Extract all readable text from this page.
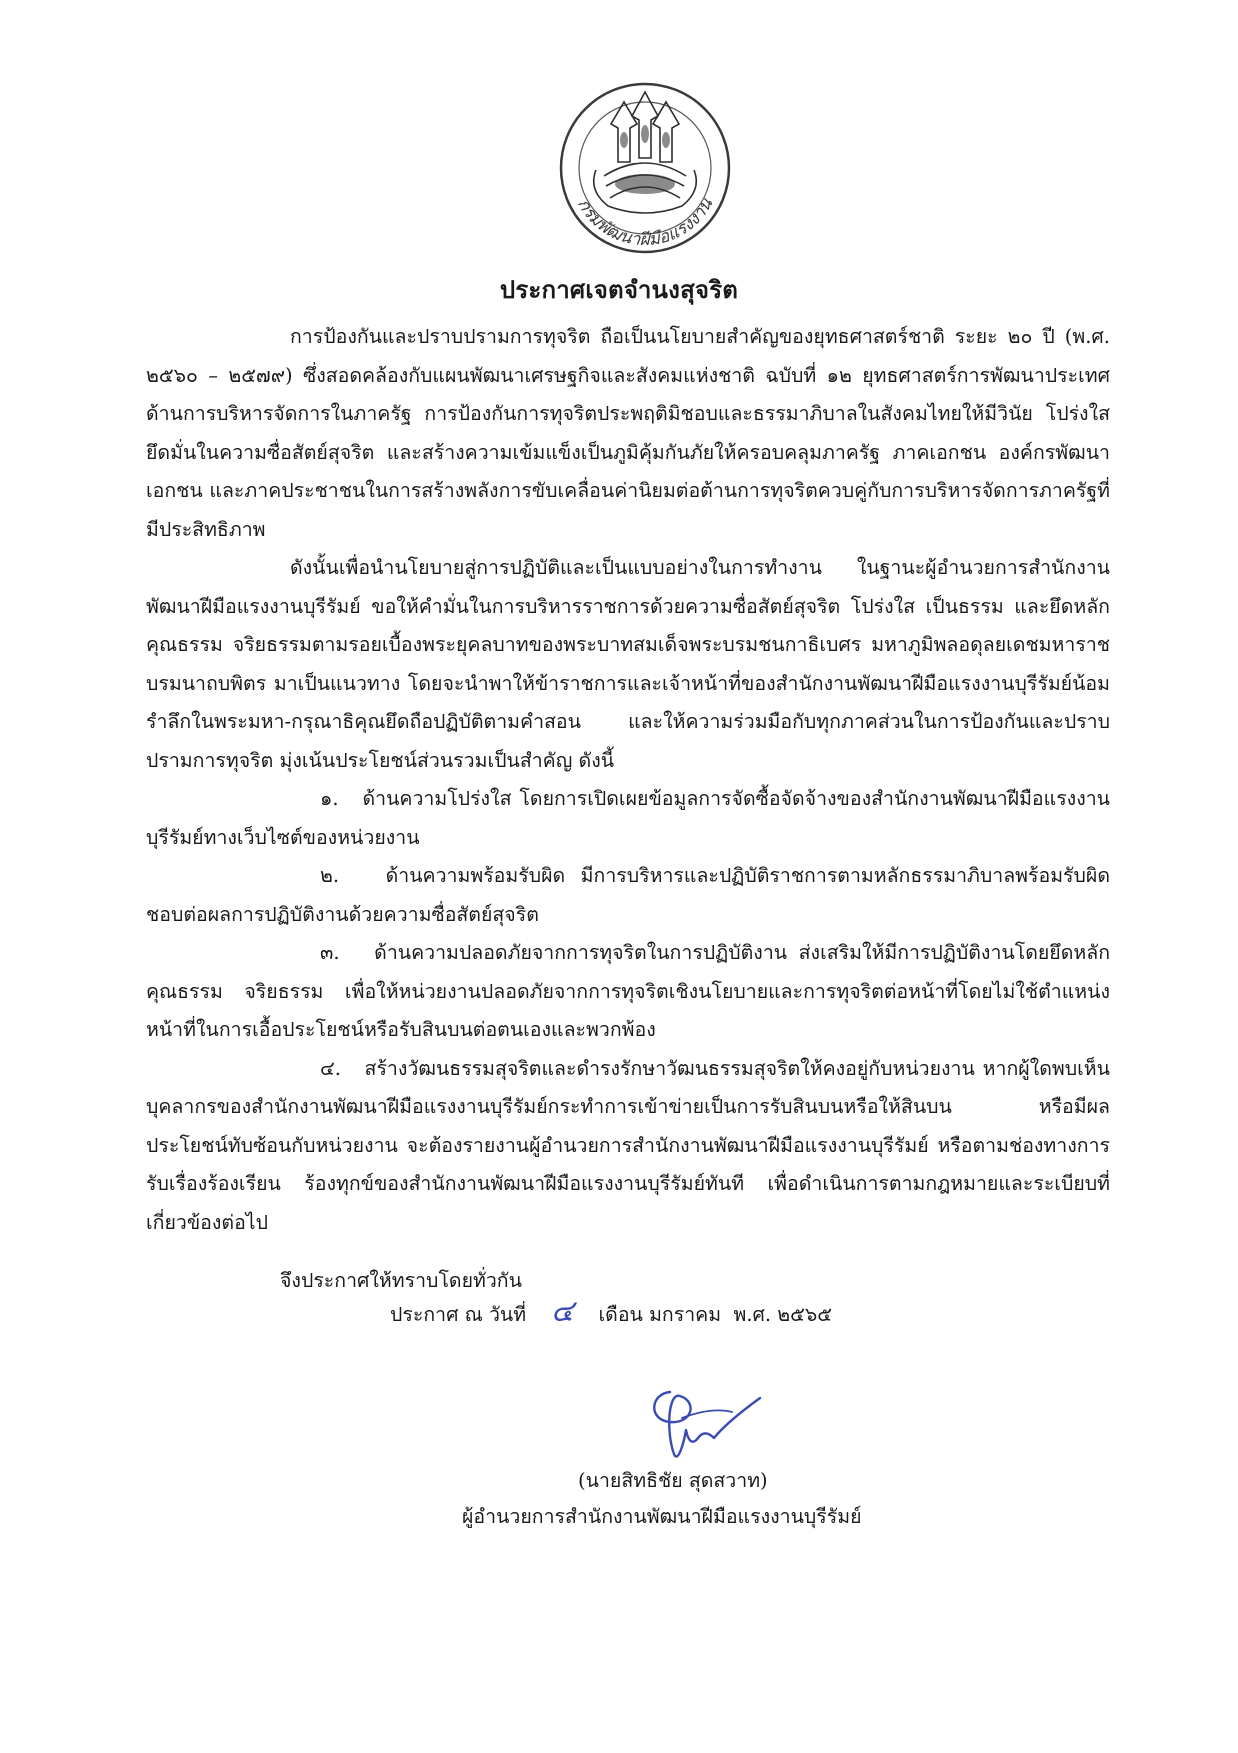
กรมพัฒนาฝีมือแรงงาน
ประกาศเจตจำนงสุจริต

การป้องกันและปราบปรามการทุจริต ถือเป็นนโยบายสำคัญของยุทธศาสตร์ชาติ ระยะ ๒๐ ปี (พ.ศ. ๒๕๖๐ – ๒๕๗๙) ซึ่งสอดคล้องกับแผนพัฒนาเศรษฐกิจและสังคมแห่งชาติ ฉบับที่ ๑๒ ยุทธศาสตร์การพัฒนาประเทศ ด้านการบริหารจัดการในภาครัฐ การป้องกันการทุจริตประพฤติมิชอบและธรรมาภิบาลในสังคมไทยให้มีวินัย โปร่งใส ยึดมั่นในความซื่อสัตย์สุจริต และสร้างความเข้มแข็งเป็นภูมิคุ้มกันภัยให้ครอบคลุมภาครัฐ ภาคเอกชน องค์กรพัฒนาเอกชน และภาคประชาชนในการสร้างพลังการขับเคลื่อนค่านิยมต่อต้านการทุจริตควบคู่กับการบริหารจัดการภาครัฐที่มีประสิทธิภาพ

ดังนั้นเพื่อนำนโยบายสู่การปฏิบัติและเป็นแบบอย่างในการทำงาน ในฐานะผู้อำนวยการสำนักงานพัฒนาฝีมือแรงงานบุรีรัมย์ ขอให้คำมั่นในการบริหารราชการด้วยความซื่อสัตย์สุจริต โปร่งใส เป็นธรรม และยึดหลักคุณธรรม จริยธรรมตามรอยเบื้องพระยุคลบาทของพระบาทสมเด็จพระบรมชนกาธิเบศร มหาภูมิพลอดุลยเดชมหาราช บรมนาถบพิตร มาเป็นแนวทาง โดยจะนำพาให้ข้าราชการและเจ้าหน้าที่ของสำนักงานพัฒนาฝีมือแรงงานบุรีรัมย์น้อมรำลึกในพระมหา-กรุณาธิคุณยึดถือปฏิบัติตามคำสอน และให้ความร่วมมือกับทุกภาคส่วนในการป้องกันและปราบปรามการทุจริต มุ่งเน้นประโยชน์ส่วนรวมเป็นสำคัญ ดังนี้

๑.   ด้านความโปร่งใส โดยการเปิดเผยข้อมูลการจัดซื้อจัดจ้างของสำนักงานพัฒนาฝีมือแรงงานบุรีรัมย์ทางเว็บไซต์ของหน่วยงาน

๒.   ด้านความพร้อมรับผิด มีการบริหารและปฏิบัติราชการตามหลักธรรมาภิบาลพร้อมรับผิดชอบต่อผลการปฏิบัติงานด้วยความซื่อสัตย์สุจริต

๓.   ด้านความปลอดภัยจากการทุจริตในการปฏิบัติงาน ส่งเสริมให้มีการปฏิบัติงานโดยยึดหลักคุณธรรม จริยธรรม เพื่อให้หน่วยงานปลอดภัยจากการทุจริตเชิงนโยบายและการทุจริตต่อหน้าที่โดยไม่ใช้ตำแหน่งหน้าที่ในการเอื้อประโยชน์หรือรับสินบนต่อตนเองและพวกพ้อง

๔.   สร้างวัฒนธรรมสุจริตและดำรงรักษาวัฒนธรรมสุจริตให้คงอยู่กับหน่วยงาน หากผู้ใดพบเห็นบุคลากรของสำนักงานพัฒนาฝีมือแรงงานบุรีรัมย์กระทำการเข้าข่ายเป็นการรับสินบนหรือให้สินบน หรือมีผลประโยชน์ทับซ้อนกับหน่วยงาน จะต้องรายงานผู้อำนวยการสำนักงานพัฒนาฝีมือแรงงานบุรีรัมย์ หรือตามช่องทางการรับเรื่องร้องเรียน ร้องทุกข์ของสำนักงานพัฒนาฝีมือแรงงานบุรีรัมย์ทันที เพื่อดำเนินการตามกฎหมายและระเบียบที่เกี่ยวข้องต่อไป

จึงประกาศให้ทราบโดยทั่วกัน

ประกาศ ณ วันที่ ๔ เดือน มกราคม พ.ศ. ๒๕๖๕
(นายสิทธิชัย สุดสวาท)
ผู้อำนวยการสำนักงานพัฒนาฝีมือแรงงานบุรีรัมย์
